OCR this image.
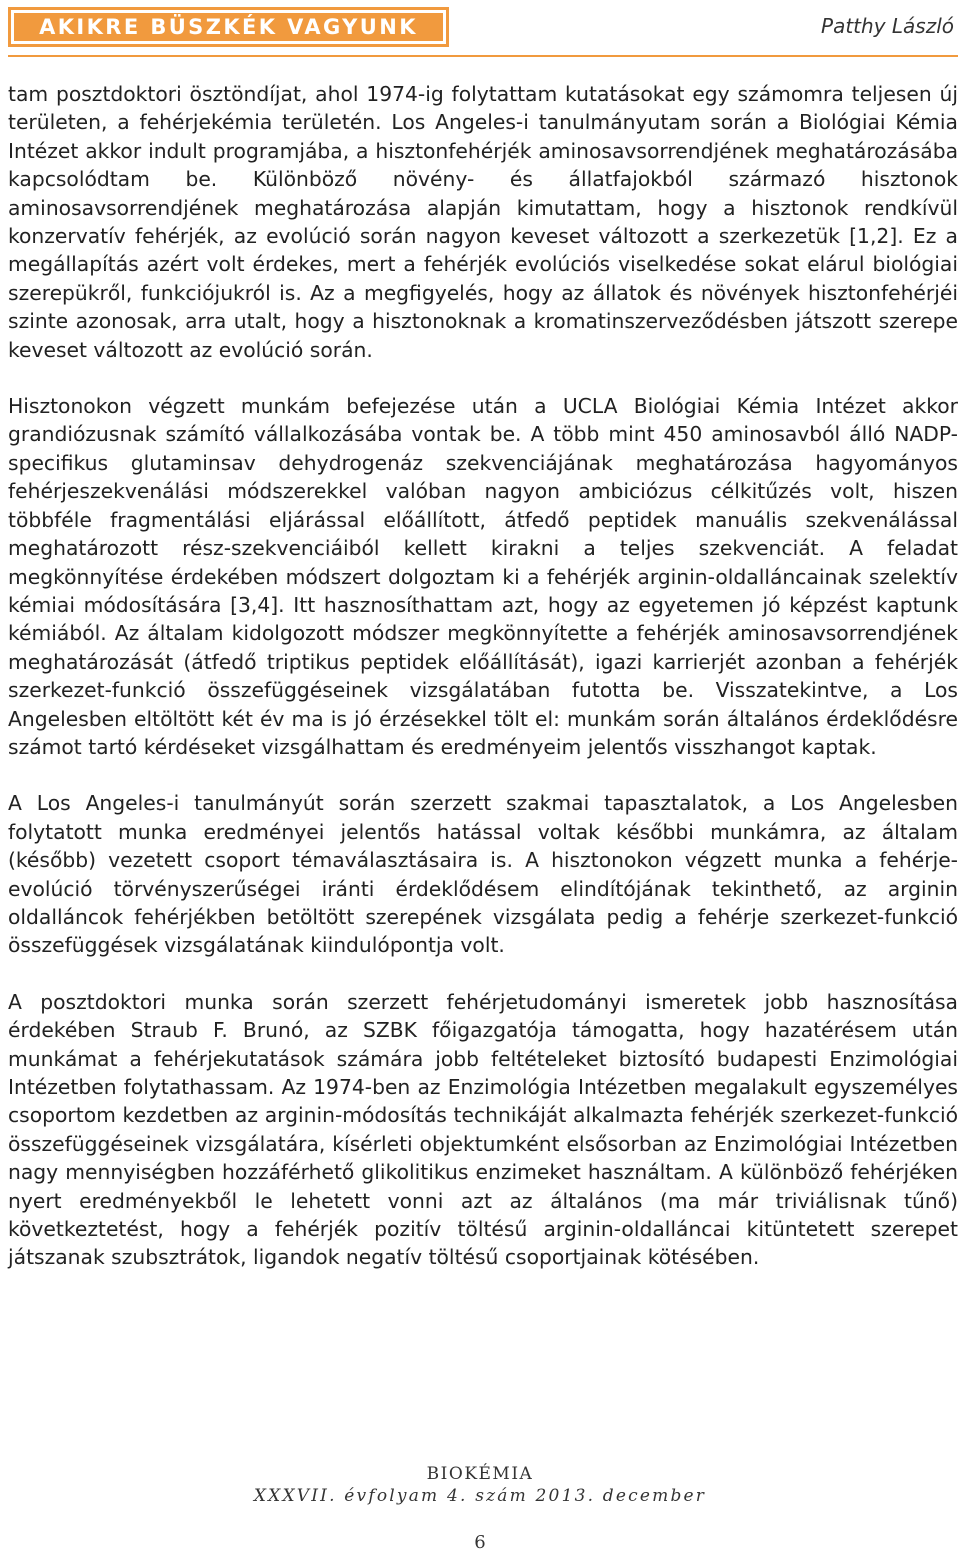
AKIKRE BÜSZKÉK VAGYUNK	Patthy László

tam posztdoktori ösztöndíjat, ahol 1974-ig folytattam kutatásokat egy számomra teljesen új területen, a fehérjekémia területén. Los Angeles-i tanulmányutam során a Biológiai Kémia Intézet akkor indult programjába, a hisztonfehérjék aminosavsorrendjének meghatározásába kapcsolódtam be. Különböző növény- és állatfajokból származó hisztonok aminosavsorrendjének meghatározása alapján kimutattam, hogy a hisztonok rendkívül konzervatív fehérjék, az evolúció során nagyon keveset változott a szerkezetük [1,2]. Ez a megállapítás azért volt érdekes, mert a fehérjék evolúciós viselkedése sokat elárul biológiai szerepükről, funkciójukról is. Az a megfigyelés, hogy az állatok és növények hisztonfehérjéi szinte azonosak, arra utalt, hogy a hisztonoknak a kromatinszerveződésben játszott szerepe keveset változott az evolúció során.

Hisztonokon végzett munkám befejezése után a UCLA Biológiai Kémia Intézet akkor grandiózusnak számító vállalkozásába vontak be. A több mint 450 aminosavból álló NADP-specifikus glutaminsav dehydrogenáz szekvenciájának meghatározása hagyományos fehérjeszekvenálási módszerekkel valóban nagyon ambiciózus célkitűzés volt, hiszen többféle fragmentálási eljárással előállított, átfedő peptidek manuális szekvenálással meghatározott rész-szekvenciáiból kellett kirakni a teljes szekvenciát. A feladat megkönnyítése érdekében módszert dolgoztam ki a fehérjék arginin-oldalláncainak szelektív kémiai módosítására [3,4]. Itt hasznosíthattam azt, hogy az egyetemen jó képzést kaptunk kémiából. Az általam kidolgozott módszer megkönnyítette a fehérjék aminosavsorrendjének meghatározását (átfedő triptikus peptidek előállítását), igazi karrierjét azonban a fehérjék szerkezet-funkció összefüggéseinek vizsgálatában futotta be. Visszatekintve, a Los Angelesben eltöltött két év ma is jó érzésekkel tölt el: munkám során általános érdeklődésre számot tartó kérdéseket vizsgálhattam és eredményeim jelentős visszhangot kaptak.

A Los Angeles-i tanulmányút során szerzett szakmai tapasztalatok, a Los Angelesben folytatott munka eredményei jelentős hatással voltak későbbi munkámra, az általam (később) vezetett csoport témaválasztásaira is. A hisztonokon végzett munka a fehérje-evolúció törvényszerűségei iránti érdeklődésem elindítójának tekinthető, az arginin oldalláncok fehérjékben betöltött szerepének vizsgálata pedig a fehérje szerkezet-funkció összefüggések vizsgálatának kiindulópontja volt.

A posztdoktori munka során szerzett fehérjetudományi ismeretek jobb hasznosítása érdekében Straub F. Brunó, az SZBK főigazgatója támogatta, hogy hazatérésem után munkámat a fehérjekutatások számára jobb feltételeket biztosító budapesti Enzimológiai Intézetben folytathassam. Az 1974-ben az Enzimológia Intézetben megalakult egyszemélyes csoportom kezdetben az arginin-módosítás technikáját alkalmazta fehérjék szerkezet-funkció összefüggéseinek vizsgálatára, kísérleti objektumként elsősorban az Enzimológiai Intézetben nagy mennyiségben hozzáférhető glikolitikus enzimeket használtam. A különböző fehérjéken nyert eredményekből le lehetett vonni azt az általános (ma már triviálisnak tűnő) következtetést, hogy a fehérjék pozitív töltésű arginin-oldalláncai kitüntetett szerepet játszanak szubsztrátok, ligandok negatív töltésű csoportjainak kötésében.

BIOKÉMIA
XXXVII. évfolyam 4. szám 2013. december
6
